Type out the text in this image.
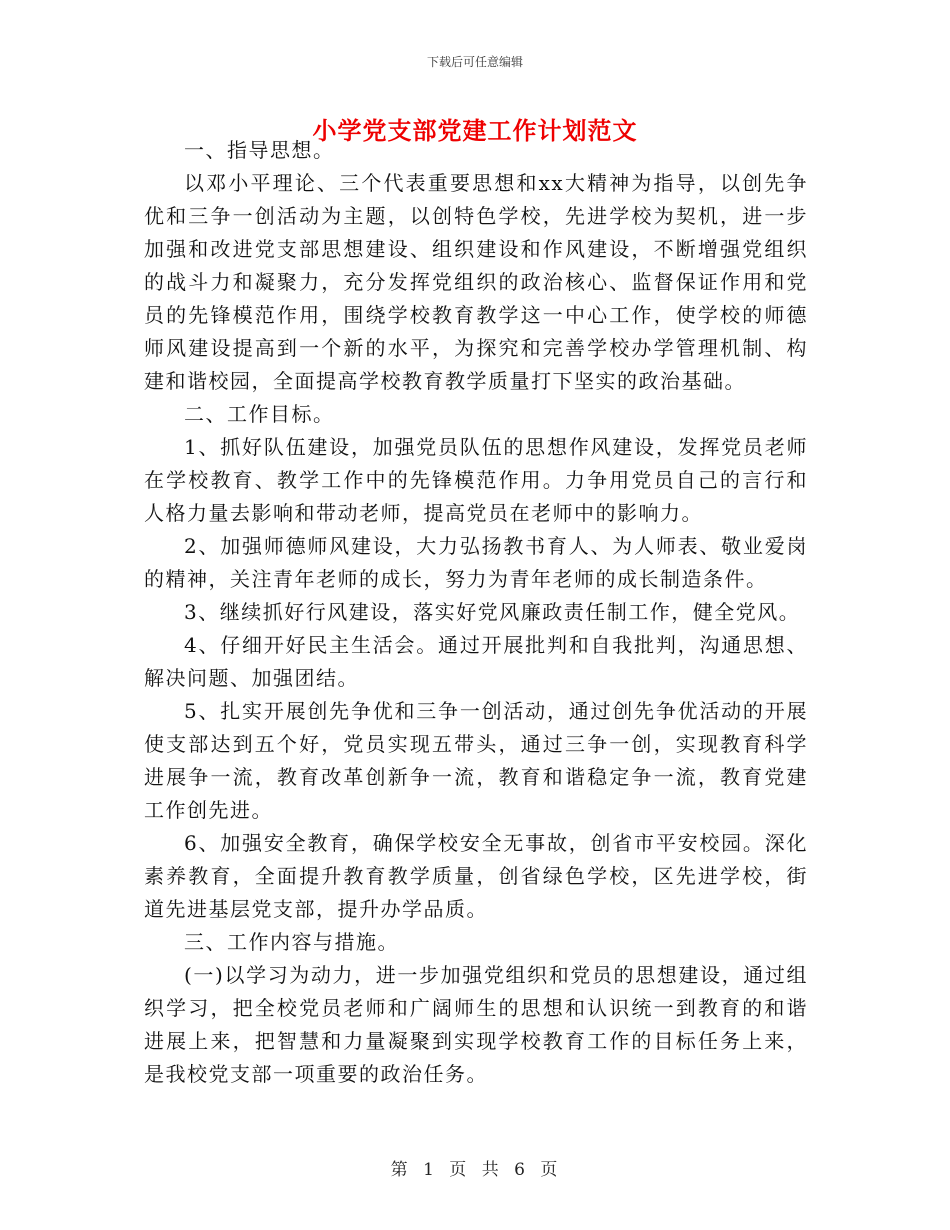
下载后可任意编辑
小学党支部党建工作计划范文

一、指导思想。

以邓小平理论、三个代表重要思想和xx大精神为指导，以创先争优和三争一创活动为主题，以创特色学校，先进学校为契机，进一步加强和改进党支部思想建设、组织建设和作风建设，不断增强党组织的战斗力和凝聚力，充分发挥党组织的政治核心、监督保证作用和党员的先锋模范作用，围绕学校教育教学这一中心工作，使学校的师德师风建设提高到一个新的水平，为探究和完善学校办学管理机制、构建和谐校园，全面提高学校教育教学质量打下坚实的政治基础。

二、工作目标。

1、抓好队伍建设，加强党员队伍的思想作风建设，发挥党员老师在学校教育、教学工作中的先锋模范作用。力争用党员自己的言行和人格力量去影响和带动老师，提高党员在老师中的影响力。

2、加强师德师风建设，大力弘扬教书育人、为人师表、敬业爱岗的精神，关注青年老师的成长，努力为青年老师的成长制造条件。

3、继续抓好行风建设，落实好党风廉政责任制工作，健全党风。

4、仔细开好民主生活会。通过开展批判和自我批判，沟通思想、解决问题、加强团结。

5、扎实开展创先争优和三争一创活动，通过创先争优活动的开展使支部达到五个好，党员实现五带头，通过三争一创，实现教育科学进展争一流，教育改革创新争一流，教育和谐稳定争一流，教育党建工作创先进。

6、加强安全教育，确保学校安全无事故，创省市平安校园。深化素养教育，全面提升教育教学质量，创省绿色学校，区先进学校，街道先进基层党支部，提升办学品质。

三、工作内容与措施。

(一)以学习为动力，进一步加强党组织和党员的思想建设，通过组织学习，把全校党员老师和广阔师生的思想和认识统一到教育的和谐进展上来，把智慧和力量凝聚到实现学校教育工作的目标任务上来，是我校党支部一项重要的政治任务。

第 1 页 共 6 页
